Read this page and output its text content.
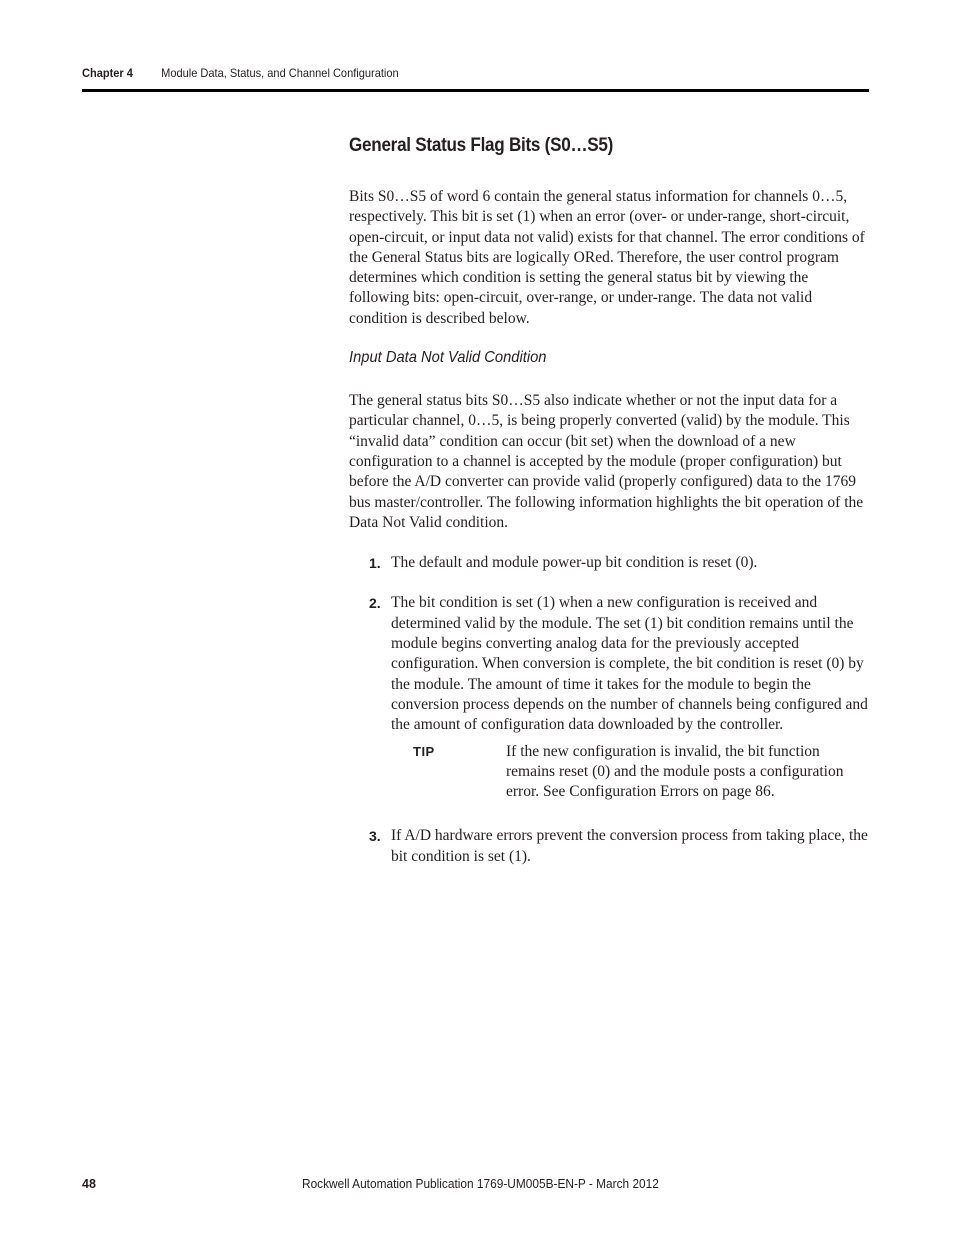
Chapter 4 Module Data, Status, and Channel Configuration
General Status Flag Bits (S0…S5)

Bits S0…S5 of word 6 contain the general status information for channels 0…5, respectively. This bit is set (1) when an error (over- or under-range, short-circuit, open-circuit, or input data not valid) exists for that channel. The error conditions of the General Status bits are logically ORed. Therefore, the user control program determines which condition is setting the general status bit by viewing the following bits: open-circuit, over-range, or under-range. The data not valid condition is described below.

Input Data Not Valid Condition

The general status bits S0…S5 also indicate whether or not the input data for a particular channel, 0…5, is being properly converted (valid) by the module. This “invalid data” condition can occur (bit set) when the download of a new configuration to a channel is accepted by the module (proper configuration) but before the A/D converter can provide valid (properly configured) data to the 1769 bus master/controller. The following information highlights the bit operation of the Data Not Valid condition.

1. The default and module power-up bit condition is reset (0).
2. The bit condition is set (1) when a new configuration is received and determined valid by the module. The set (1) bit condition remains until the module begins converting analog data for the previously accepted configuration. When conversion is complete, the bit condition is reset (0) by the module. The amount of time it takes for the module to begin the conversion process depends on the number of channels being configured and the amount of configuration data downloaded by the controller.
TIP	If the new configuration is invalid, the bit function remains reset (0) and the module posts a configuration error. See Configuration Errors on page 86.
3. If A/D hardware errors prevent the conversion process from taking place, the bit condition is set (1).
48	Rockwell Automation Publication 1769-UM005B-EN-P - March 2012
